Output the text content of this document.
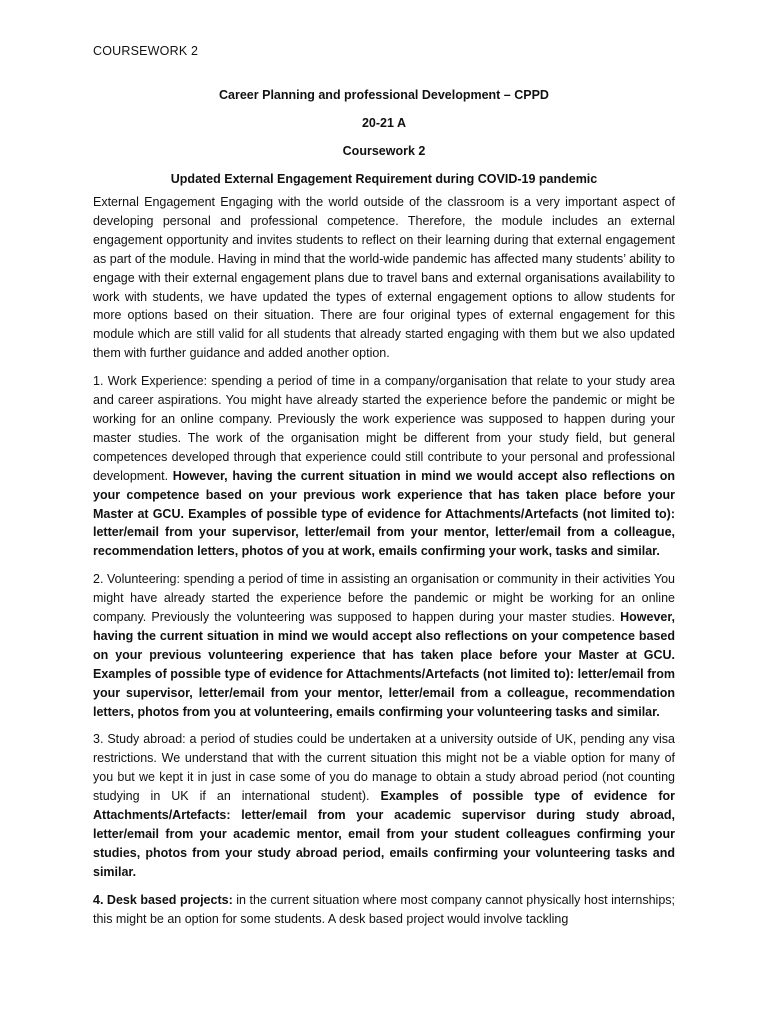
COURSEWORK 2
Career Planning and professional Development – CPPD
20-21 A
Coursework 2
Updated External Engagement Requirement during COVID-19 pandemic

External Engagement Engaging with the world outside of the classroom is a very important aspect of developing personal and professional competence. Therefore, the module includes an external engagement opportunity and invites students to reflect on their learning during that external engagement as part of the module. Having in mind that the world-wide pandemic has affected many students’ ability to engage with their external engagement plans due to travel bans and external organisations availability to work with students, we have updated the types of external engagement options to allow students for more options based on their situation. There are four original types of external engagement for this module which are still valid for all students that already started engaging with them but we also updated them with further guidance and added another option.

1. Work Experience: spending a period of time in a company/organisation that relate to your study area and career aspirations. You might have already started the experience before the pandemic or might be working for an online company. Previously the work experience was supposed to happen during your master studies. The work of the organisation might be different from your study field, but general competences developed through that experience could still contribute to your personal and professional development. However, having the current situation in mind we would accept also reflections on your competence based on your previous work experience that has taken place before your Master at GCU. Examples of possible type of evidence for Attachments/Artefacts (not limited to): letter/email from your supervisor, letter/email from your mentor, letter/email from a colleague, recommendation letters, photos of you at work, emails confirming your work, tasks and similar.

2. Volunteering: spending a period of time in assisting an organisation or community in their activities You might have already started the experience before the pandemic or might be working for an online company. Previously the volunteering was supposed to happen during your master studies. However, having the current situation in mind we would accept also reflections on your competence based on your previous volunteering experience that has taken place before your Master at GCU. Examples of possible type of evidence for Attachments/Artefacts (not limited to): letter/email from your supervisor, letter/email from your mentor, letter/email from a colleague, recommendation letters, photos from you at volunteering, emails confirming your volunteering tasks and similar.

3. Study abroad: a period of studies could be undertaken at a university outside of UK, pending any visa restrictions. We understand that with the current situation this might not be a viable option for many of you but we kept it in just in case some of you do manage to obtain a study abroad period (not counting studying in UK if an international student). Examples of possible type of evidence for Attachments/Artefacts: letter/email from your academic supervisor during study abroad, letter/email from your academic mentor, email from your student colleagues confirming your studies, photos from your study abroad period, emails confirming your volunteering tasks and similar.

4. Desk based projects: in the current situation where most company cannot physically host internships; this might be an option for some students. A desk based project would involve tackling
